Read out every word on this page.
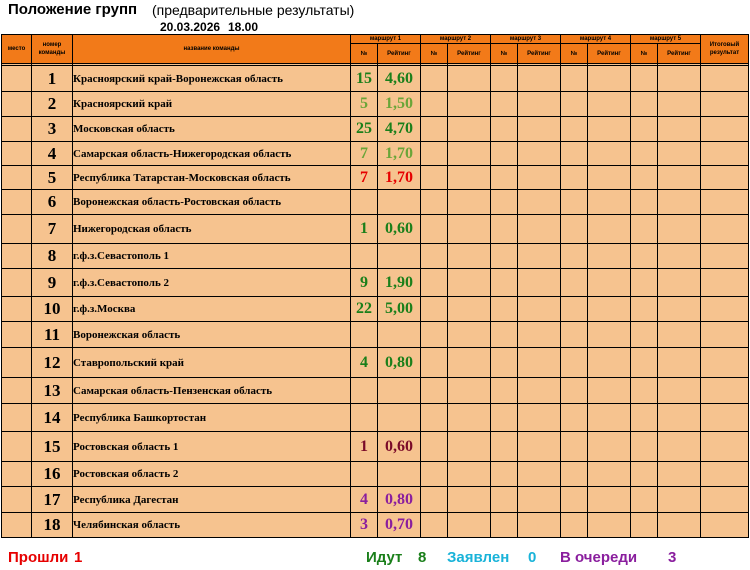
Положение групп (предварительные результаты)
20.03.2026 18.00
место	номер команды	название команды	маршрут 1		маршрут 2		маршрут 3		маршрут 4		маршрут 5		Итоговый результат
			№	Рейтинг	№	Рейтинг	№	Рейтинг	№	Рейтинг	№	Рейтинг	

	1	Красноярский край-Воронежская область	15	4,60									
	2	Красноярский край	5	1,50									
	3	Московская область	25	4,70									
	4	Самарская область-Нижегородская область	7	1,70									
	5	Республика Татарстан-Московская область	7	1,70									
	6	Воронежская область-Ростовская область											
	7	Нижегородская область	1	0,60									
	8	г.ф.з.Севастополь 1											
	9	г.ф.з.Севастополь 2	9	1,90									
	10	г.ф.з.Москва	22	5,00									
	11	Воронежская область											
	12	Ставропольский край	4	0,80									
	13	Самарская область-Пензенская область											
	14	Республика Башкортостан											
	15	Ростовская область 1	1	0,60									
	16	Ростовская область 2											
	17	Республика Дагестан	4	0,80									
	18	Челябинская область	3	0,70									
Прошли 1	Идут 8 Заявлен 0 В очереди 3
